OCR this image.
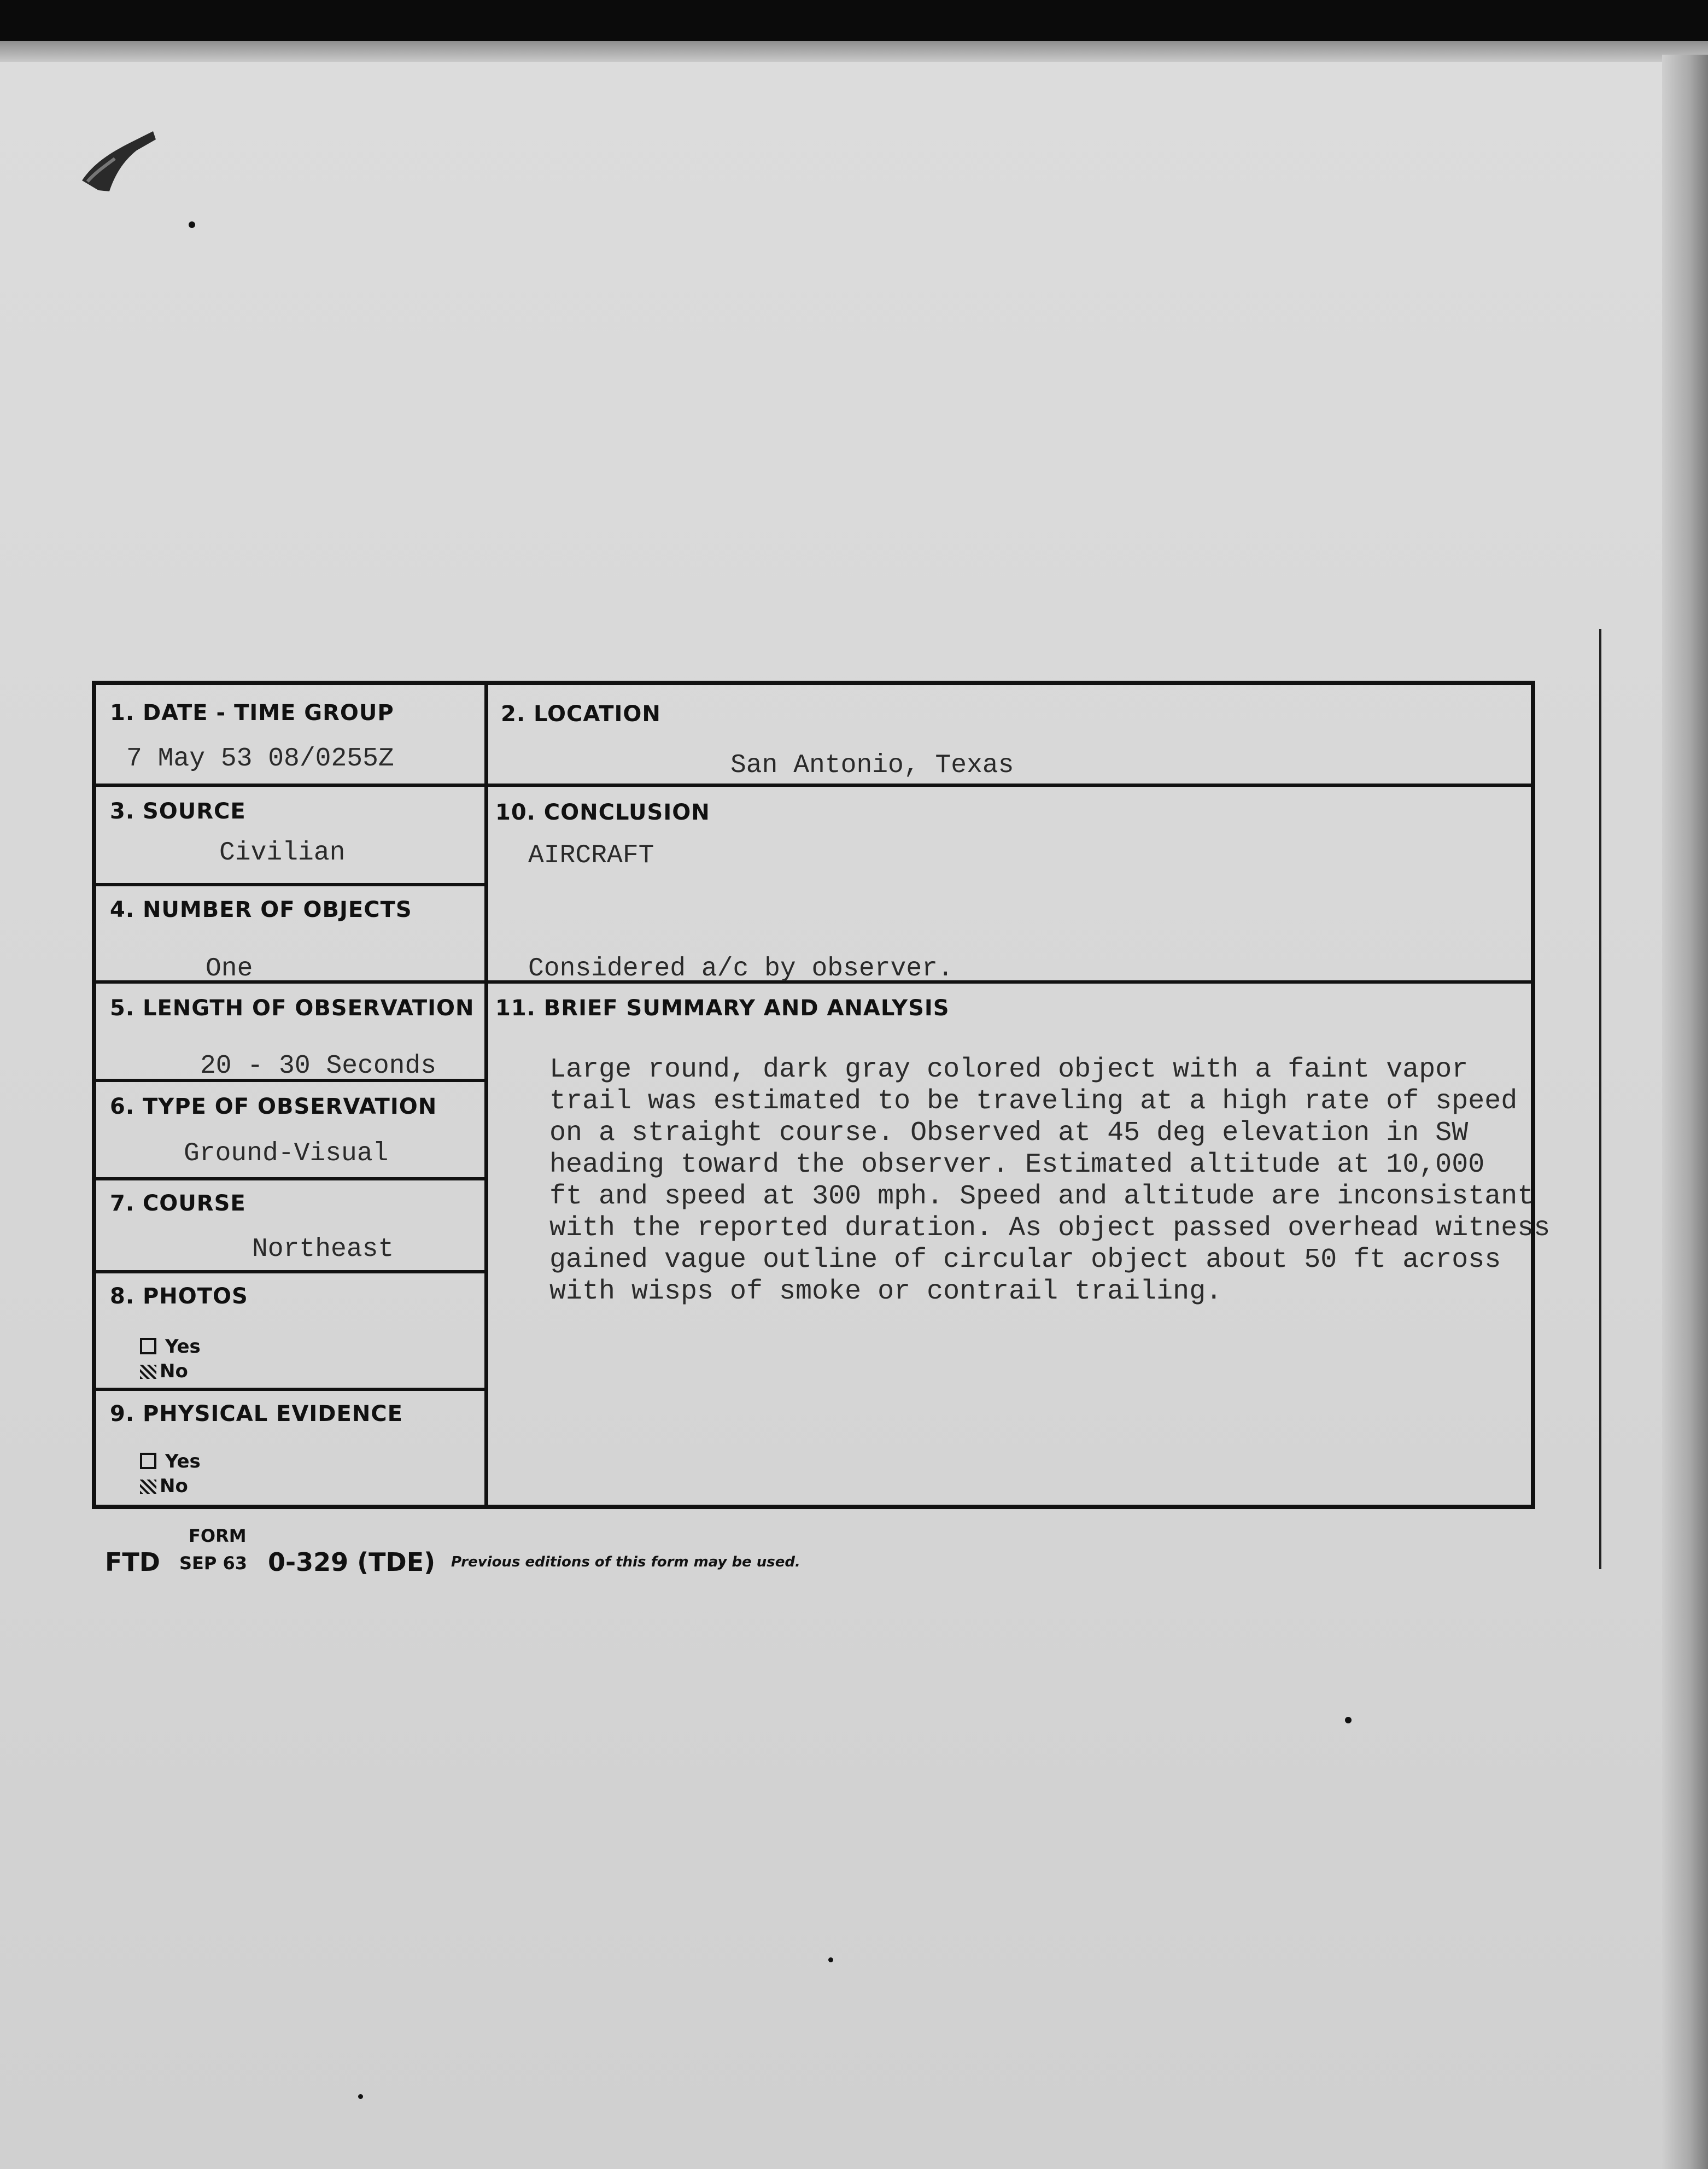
1. DATE - TIME GROUP
7 May 53 08/0255Z
2. LOCATION
San Antonio, Texas
3. SOURCE
Civilian
10. CONCLUSION
AIRCRAFT
Considered a/c by observer.
4. NUMBER OF OBJECTS
One
5. LENGTH OF OBSERVATION
20 - 30 Seconds
11. BRIEF SUMMARY AND ANALYSIS
6. TYPE OF OBSERVATION
Ground-Visual
7. COURSE
Northeast
8. PHOTOS
Yes
No
9. PHYSICAL EVIDENCE
Yes
No
Large round, dark gray colored object with a faint vapor
trail was estimated to be traveling at a high rate of speed
on a straight course. Observed at 45 deg elevation in SW
heading toward the observer. Estimated altitude at 10,000
ft and speed at 300 mph. Speed and altitude are inconsistant
with the reported duration. As object passed overhead witness
gained vague outline of circular object about 50 ft across
with wisps of smoke or contrail trailing.
FORM
FTD SEP 63 0-329 (TDE) Previous editions of this form may be used.
